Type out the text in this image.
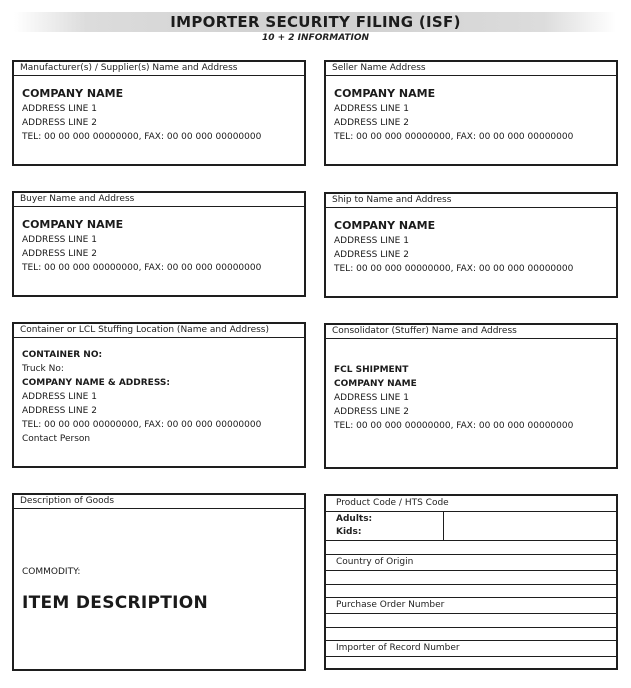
IMPORTER SECURITY FILING (ISF)
10 + 2 INFORMATION
Manufacturer(s) / Supplier(s) Name and Address
COMPANY NAME
ADDRESS LINE 1
ADDRESS LINE 2
TEL: 00 00 000 00000000, FAX: 00 00 000 00000000
Seller Name Address
COMPANY NAME
ADDRESS LINE 1
ADDRESS LINE 2
TEL: 00 00 000 00000000, FAX: 00 00 000 00000000
Buyer Name and Address
COMPANY NAME
ADDRESS LINE 1
ADDRESS LINE 2
TEL: 00 00 000 00000000, FAX: 00 00 000 00000000
Ship to Name and Address
COMPANY NAME
ADDRESS LINE 1
ADDRESS LINE 2
TEL: 00 00 000 00000000, FAX: 00 00 000 00000000
Container or LCL Stuffing Location (Name and Address)
CONTAINER NO:
Truck No:
COMPANY NAME & ADDRESS:
ADDRESS LINE 1
ADDRESS LINE 2
TEL: 00 00 000 00000000, FAX: 00 00 000 00000000
Contact Person
Consolidator (Stuffer) Name and Address
FCL SHIPMENT
COMPANY NAME
ADDRESS LINE 1
ADDRESS LINE 2
TEL: 00 00 000 00000000, FAX: 00 00 000 00000000
Description of Goods
COMMODITY:
ITEM DESCRIPTION
Product Code / HTS Code
Adults:
Kids:
Country of Origin
Purchase Order Number
Importer of Record Number
